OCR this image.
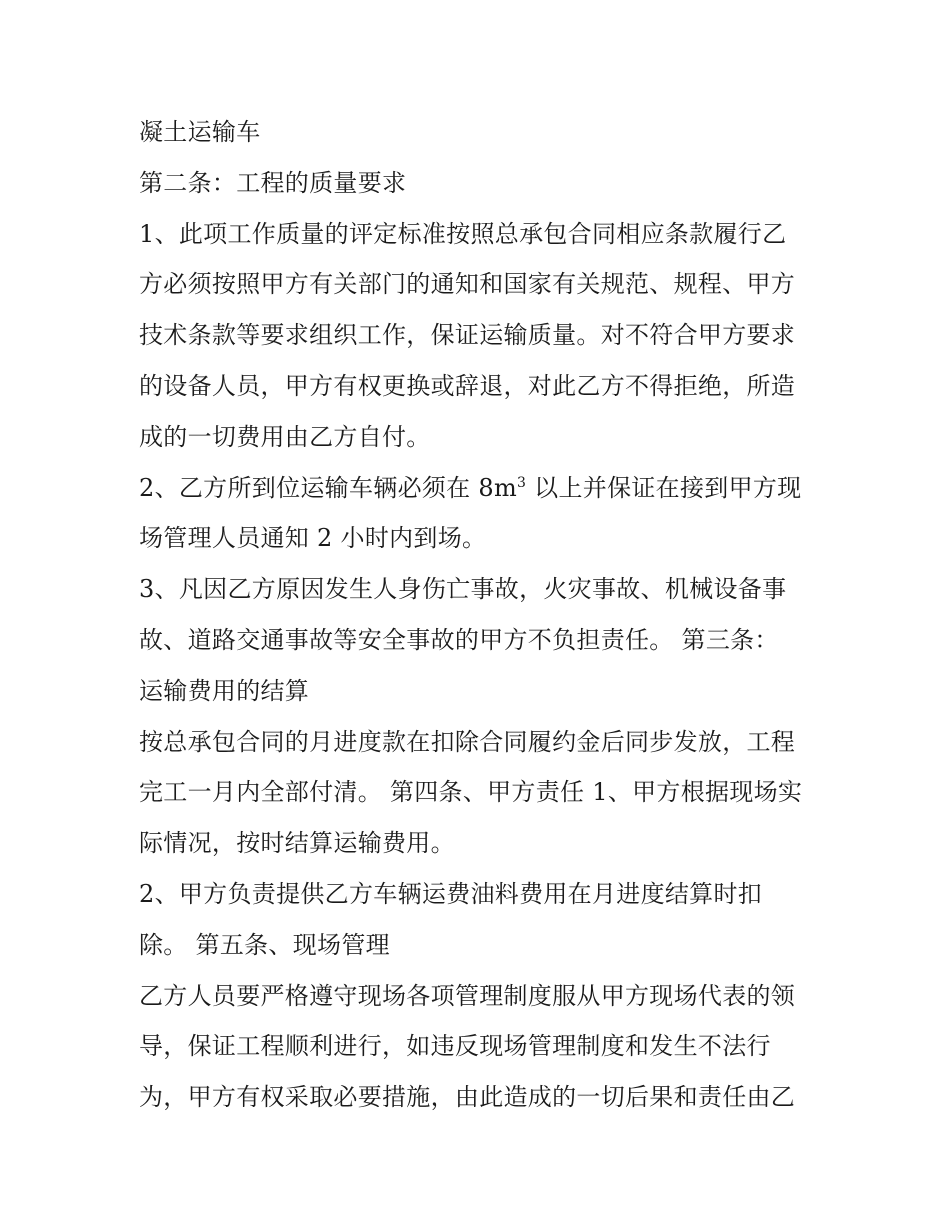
凝土运输车
第二条：工程的质量要求
1、此项工作质量的评定标准按照总承包合同相应条款履行乙
方必须按照甲方有关部门的通知和国家有关规范、规程、甲方
技术条款等要求组织工作，保证运输质量。对不符合甲方要求
的设备人员，甲方有权更换或辞退，对此乙方不得拒绝，所造
成的一切费用由乙方自付。
2、乙方所到位运输车辆必须在 $8m^3$ 以上并保证在接到甲方现
场管理人员通知 2 小时内到场。
3、凡因乙方原因发生人身伤亡事故，火灾事故、机械设备事
故、道路交通事故等安全事故的甲方不负担责任。 第三条：
运输费用的结算
按总承包合同的月进度款在扣除合同履约金后同步发放，工程
完工一月内全部付清。 第四条、甲方责任 1、甲方根据现场实
际情况，按时结算运输费用。
2、甲方负责提供乙方车辆运费油料费用在月进度结算时扣
除。 第五条、现场管理
乙方人员要严格遵守现场各项管理制度服从甲方现场代表的领
导，保证工程顺利进行，如违反现场管理制度和发生不法行
为，甲方有权采取必要措施，由此造成的一切后果和责任由乙
